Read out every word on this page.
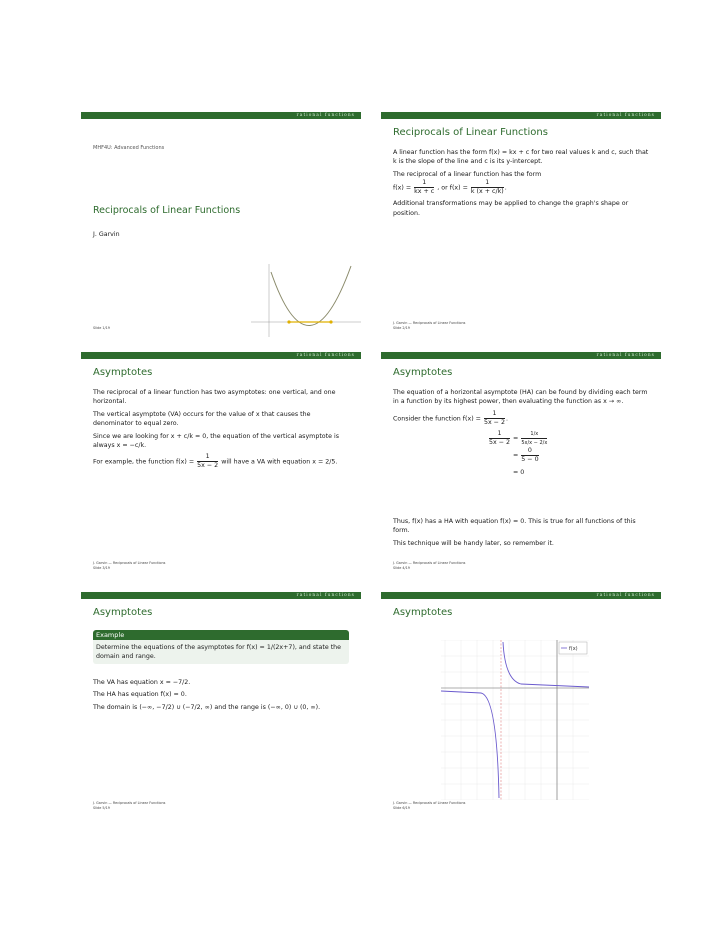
rational functions
MHF4U: Advanced Functions
Reciprocals of Linear Functions
J. Garvin
Slide 1/19
rational functions
Reciprocals of Linear Functions

A linear function has the form f(x) = kx + c for two real values k and c, such that k is the slope of the line and c is its y-intercept.

The reciprocal of a linear function has the form
$f(x) = \frac{1}{kx + c}$ , or $f(x) = \frac{1}{k (x + c/k)}$ .

Additional transformations may be applied to change the graph's shape or position.

J. Garvin — Reciprocals of Linear Functions
Slide 2/19
rational functions
Asymptotes

The reciprocal of a linear function has two asymptotes: one vertical, and one horizontal.

The vertical asymptote (VA) occurs for the value of x that causes the denominator to equal zero.

Since we are looking for x + c/k = 0, the equation of the vertical asymptote is always x = −c/k.

For example, the function $f(x) = \frac{1}{5x - 2}$ will have a VA with equation x = 2/5.

J. Garvin — Reciprocals of Linear Functions
Slide 3/19
rational functions
Asymptotes

The equation of a horizontal asymptote (HA) can be found by dividing each term in a function by its highest power, then evaluating the function as x → ∞.

Consider the function $f(x) = \frac{1}{5x - 2}$ .

$\frac{1}{5x - 2} = \frac{1/x}{5x/x - 2/x}$
= $\frac{0}{5 - 0}$
= 0

Thus, f(x) has a HA with equation f(x) = 0. This is true for all functions of this form.

This technique will be handy later, so remember it.

J. Garvin — Reciprocals of Linear Functions
Slide 4/19
rational functions
Asymptotes
Example
Determine the equations of the asymptotes for f(x) = 1/(2x+7), and state the domain and range.

The VA has equation x = −7/2.

The HA has equation f(x) = 0.

The domain is (−∞, −7/2) ∪ (−7/2, ∞) and the range is (−∞, 0) ∪ (0, ∞).

J. Garvin — Reciprocals of Linear Functions
Slide 5/19
rational functions
Asymptotes
f(x)
J. Garvin — Reciprocals of Linear Functions
Slide 6/19
